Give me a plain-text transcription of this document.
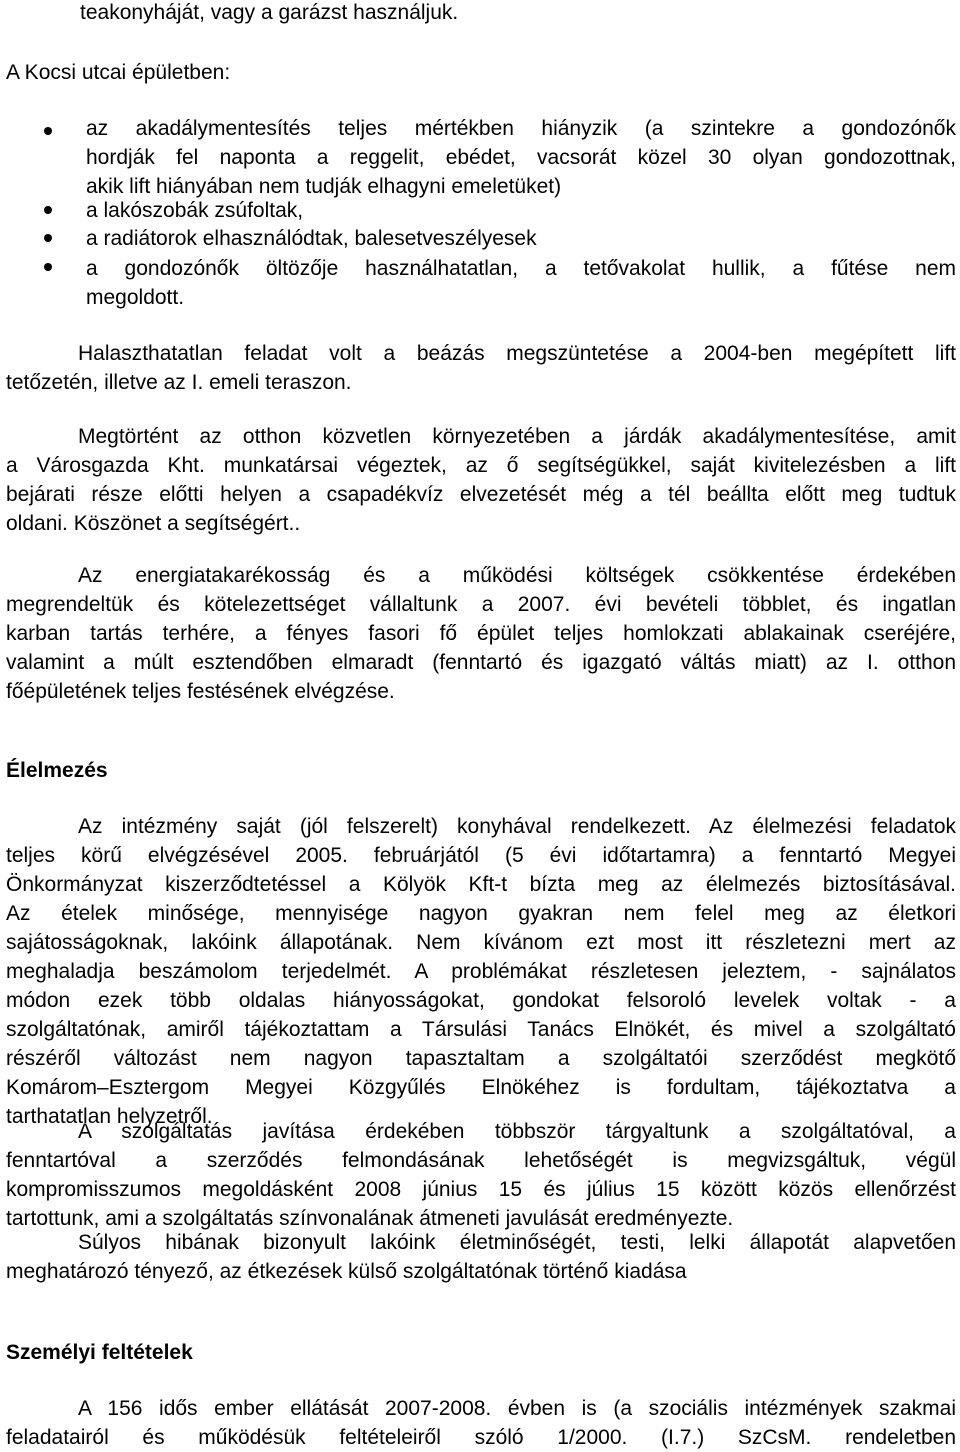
teakonyháját, vagy a garázst használjuk.
A Kocsi utcai épületben:
az akadálymentesítés teljes mértékben hiányzik (a szintekre a gondozónők
hordják fel naponta a reggelit, ebédet, vacsorát közel 30 olyan gondozottnak,
akik lift hiányában nem tudják elhagyni emeletüket)
a lakószobák zsúfoltak,
a radiátorok elhasználódtak, balesetveszélyesek
a gondozónők öltözője használhatatlan, a tetővakolat hullik, a fűtése nem
megoldott.
Halaszthatatlan feladat volt a beázás megszüntetése a 2004-ben megépített lift
tetőzetén, illetve az I. emeli teraszon.
Megtörtént az otthon közvetlen környezetében a járdák akadálymentesítése, amit
a Városgazda Kht. munkatársai végeztek, az ő segítségükkel, saját kivitelezésben a lift
bejárati része előtti helyen a csapadékvíz elvezetését még a tél beállta előtt meg tudtuk
oldani. Köszönet a segítségért..
Az energiatakarékosság és a működési költségek csökkentése érdekében
megrendeltük és kötelezettséget vállaltunk a 2007. évi bevételi többlet, és ingatlan
karban tartás terhére, a fényes fasori fő épület teljes homlokzati ablakainak cseréjére,
valamint a múlt esztendőben elmaradt (fenntartó és igazgató váltás miatt) az I. otthon
főépületének teljes festésének elvégzése.
Élelmezés
Az intézmény saját (jól felszerelt) konyhával rendelkezett. Az élelmezési feladatok
teljes körű elvégzésével 2005. februárjától (5 évi időtartamra) a fenntartó Megyei
Önkormányzat kiszerződtetéssel a Kölyök Kft-t bízta meg az élelmezés biztosításával.
Az ételek minősége, mennyisége nagyon gyakran nem felel meg az életkori
sajátosságoknak, lakóink állapotának. Nem kívánom ezt most itt részletezni mert az
meghaladja beszámolom terjedelmét. A problémákat részletesen jeleztem, - sajnálatos
módon ezek több oldalas hiányosságokat, gondokat felsoroló levelek voltak - a
szolgáltatónak, amiről tájékoztattam a Társulási Tanács Elnökét, és mivel a szolgáltató
részéről változást nem nagyon tapasztaltam a szolgáltatói szerződést megkötő
Komárom–Esztergom Megyei Közgyűlés Elnökéhez is fordultam, tájékoztatva a
tarthatatlan helyzetről.
A szolgáltatás javítása érdekében többször tárgyaltunk a szolgáltatóval, a
fenntartóval a szerződés felmondásának lehetőségét is megvizsgáltuk, végül
kompromisszumos megoldásként 2008 június 15 és július 15 között közös ellenőrzést
tartottunk, ami a szolgáltatás színvonalának átmeneti javulását eredményezte.
Súlyos hibának bizonyult lakóink életminőségét, testi, lelki állapotát alapvetően
meghatározó tényező, az étkezések külső szolgáltatónak történő kiadása
Személyi feltételek
A 156 idős ember ellátását 2007-2008. évben is (a szociális intézmények szakmai
feladatairól és működésük feltételeiről szóló 1/2000. (I.7.) SzCsM. rendeletben
